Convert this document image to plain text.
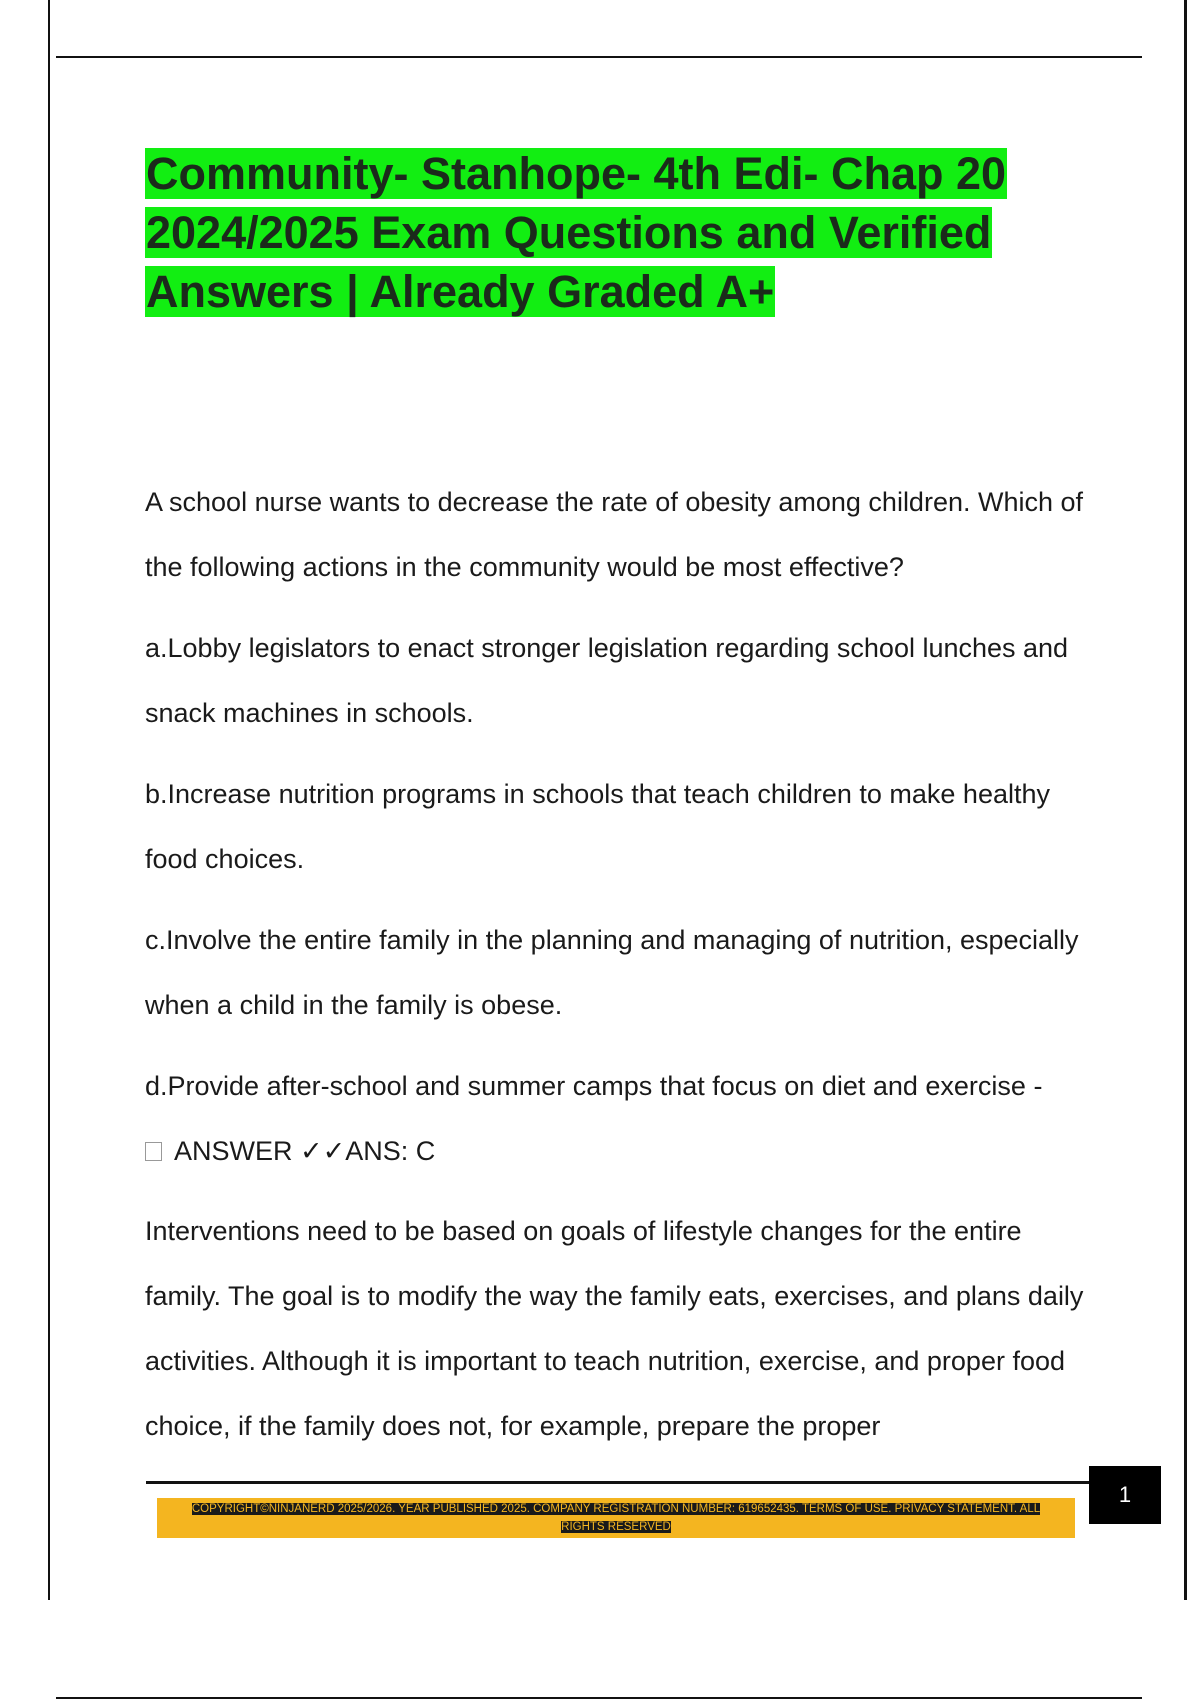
Community- Stanhope- 4th Edi- Chap 20 2024/2025 Exam Questions and Verified Answers | Already Graded A+

A school nurse wants to decrease the rate of obesity among children. Which of the following actions in the community would be most effective?

a.Lobby legislators to enact stronger legislation regarding school lunches and snack machines in schools.

b.Increase nutrition programs in schools that teach children to make healthy food choices.

c.Involve the entire family in the planning and managing of nutrition, especially when a child in the family is obese.

d.Provide after-school and summer camps that focus on diet and exercise -
ANSWER ✓✓ANS: C

Interventions need to be based on goals of lifestyle changes for the entire family. The goal is to modify the way the family eats, exercises, and plans daily activities. Although it is important to teach nutrition, exercise, and proper food choice, if the family does not, for example, prepare the proper

1
COPYRIGHT©NINJANERD 2025/2026. YEAR PUBLISHED 2025. COMPANY REGISTRATION NUMBER: 619652435. TERMS OF USE. PRIVACY STATEMENT. ALL RIGHTS RESERVED
